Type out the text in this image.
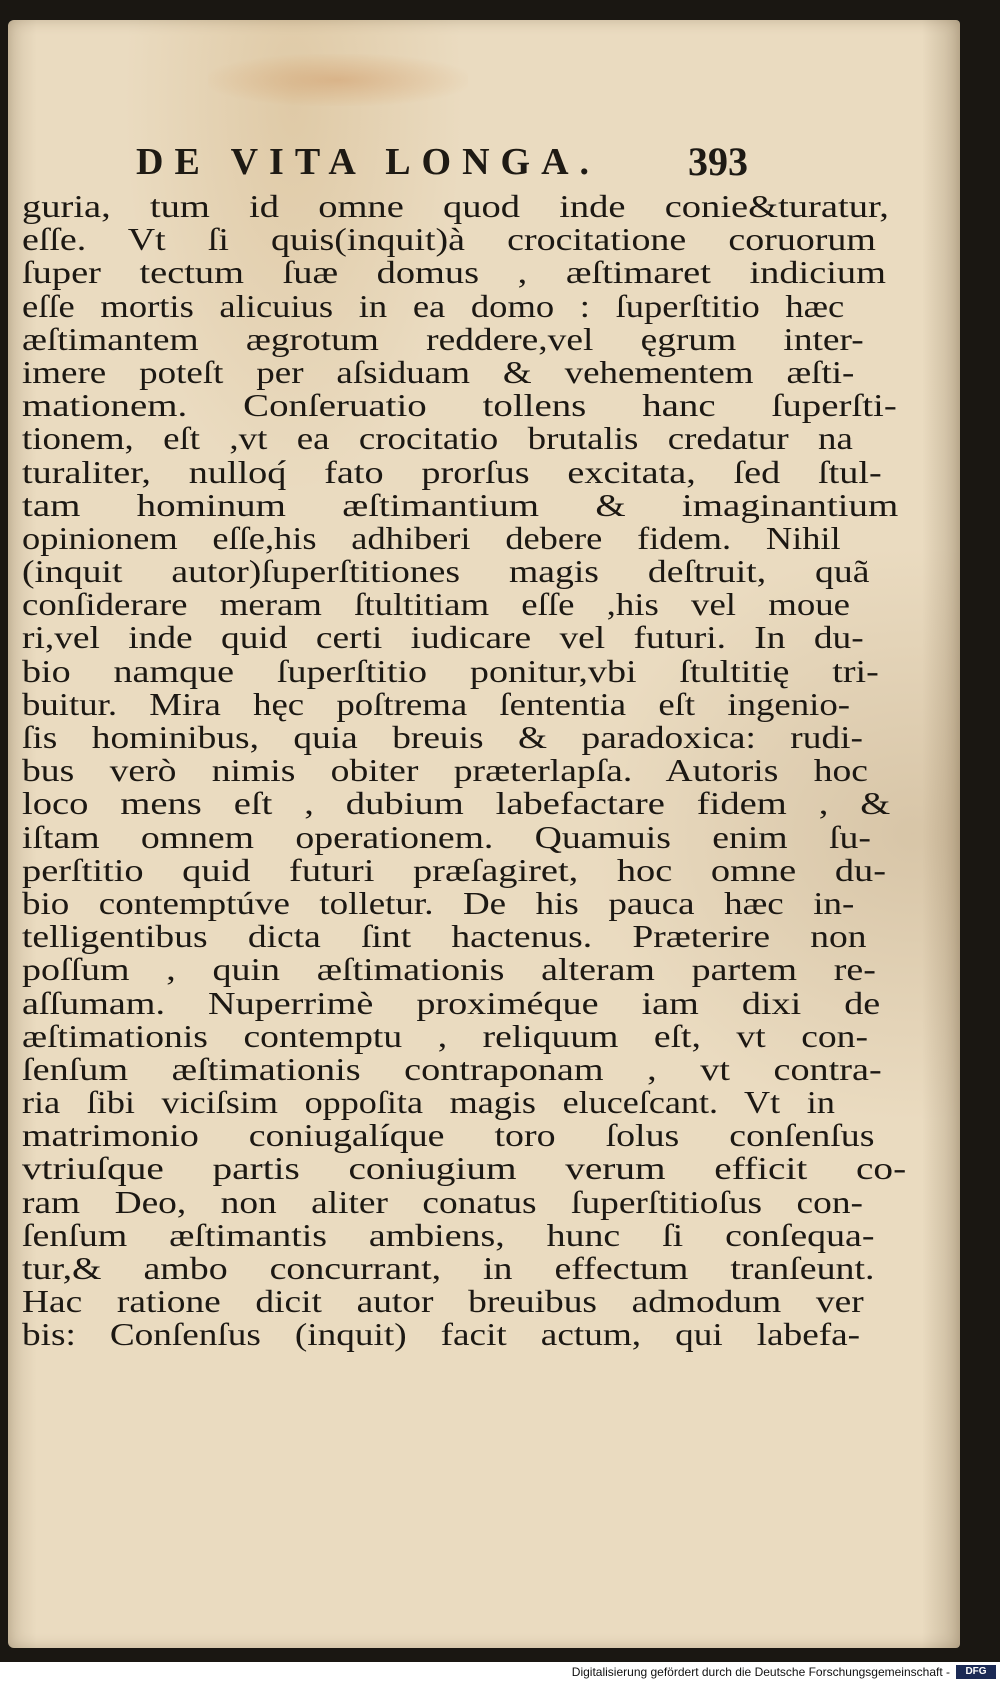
DE VITA LONGA. 393
guria, tum id omne quod inde conie&turatur,
eſſe. Vt ſi quis(inquit)à crocitatione coruorum
ſuper tectum ſuæ domus , æſtimaret indicium
eſſe mortis alicuius in ea domo : ſuperſtitio hæc
æſtimantem ægrotum reddere,vel ęgrum inter-
imere poteſt per aſsiduam & vehementem æſti-
mationem. Conſeruatio tollens hanc ſuperſti-
tionem, eſt ,vt ea crocitatio brutalis credatur na
turaliter, nulloq́ fato prorſus excitata, ſed ſtul-
tam hominum æſtimantium & imaginantium
opinionem eſſe,his adhiberi debere fidem. Nihil
(inquit autor)ſuperſtitiones magis deſtruit, quã
conſiderare meram ſtultitiam eſſe ,his vel moue
ri,vel inde quid certi iudicare vel futuri. In du-
bio namque ſuperſtitio ponitur,vbi ſtultitię tri-
buitur. Mira hęc poſtrema ſententia eſt ingenio-
ſis hominibus, quia breuis & paradoxica: rudi-
bus verò nimis obiter prӕterlapſa. Autoris hoc
loco mens eſt , dubium labefactare fidem , &
iſtam omnem operationem. Quamuis enim ſu-
perſtitio quid futuri præſagiret, hoc omne du-
bio contemptúve tolletur. De his pauca hæc in-
telligentibus dicta ſint hactenus. Præterire non
poſſum , quin æſtimationis alteram partem re-
aſſumam. Nuperrimè proximéque iam dixi de
æſtimationis contemptu , reliquum eſt, vt con-
ſenſum æſtimationis contraponam , vt contra-
ria ſibi viciſsim oppoſita magis eluceſcant. Vt in
matrimonio coniugalíque toro ſolus conſenſus
vtriuſque partis coniugium verum efficit co-
ram Deo, non aliter conatus ſuperſtitioſus con-
ſenſum æſtimantis ambiens, hunc ſi conſequa-
tur,& ambo concurrant, in effectum tranſeunt.
Hac ratione dicit autor breuibus admodum ver
bis: Conſenſus (inquit) facit actum, qui labefa-
Digitalisierung gefördert durch die Deutsche Forschungsgemeinschaft -	DFG
